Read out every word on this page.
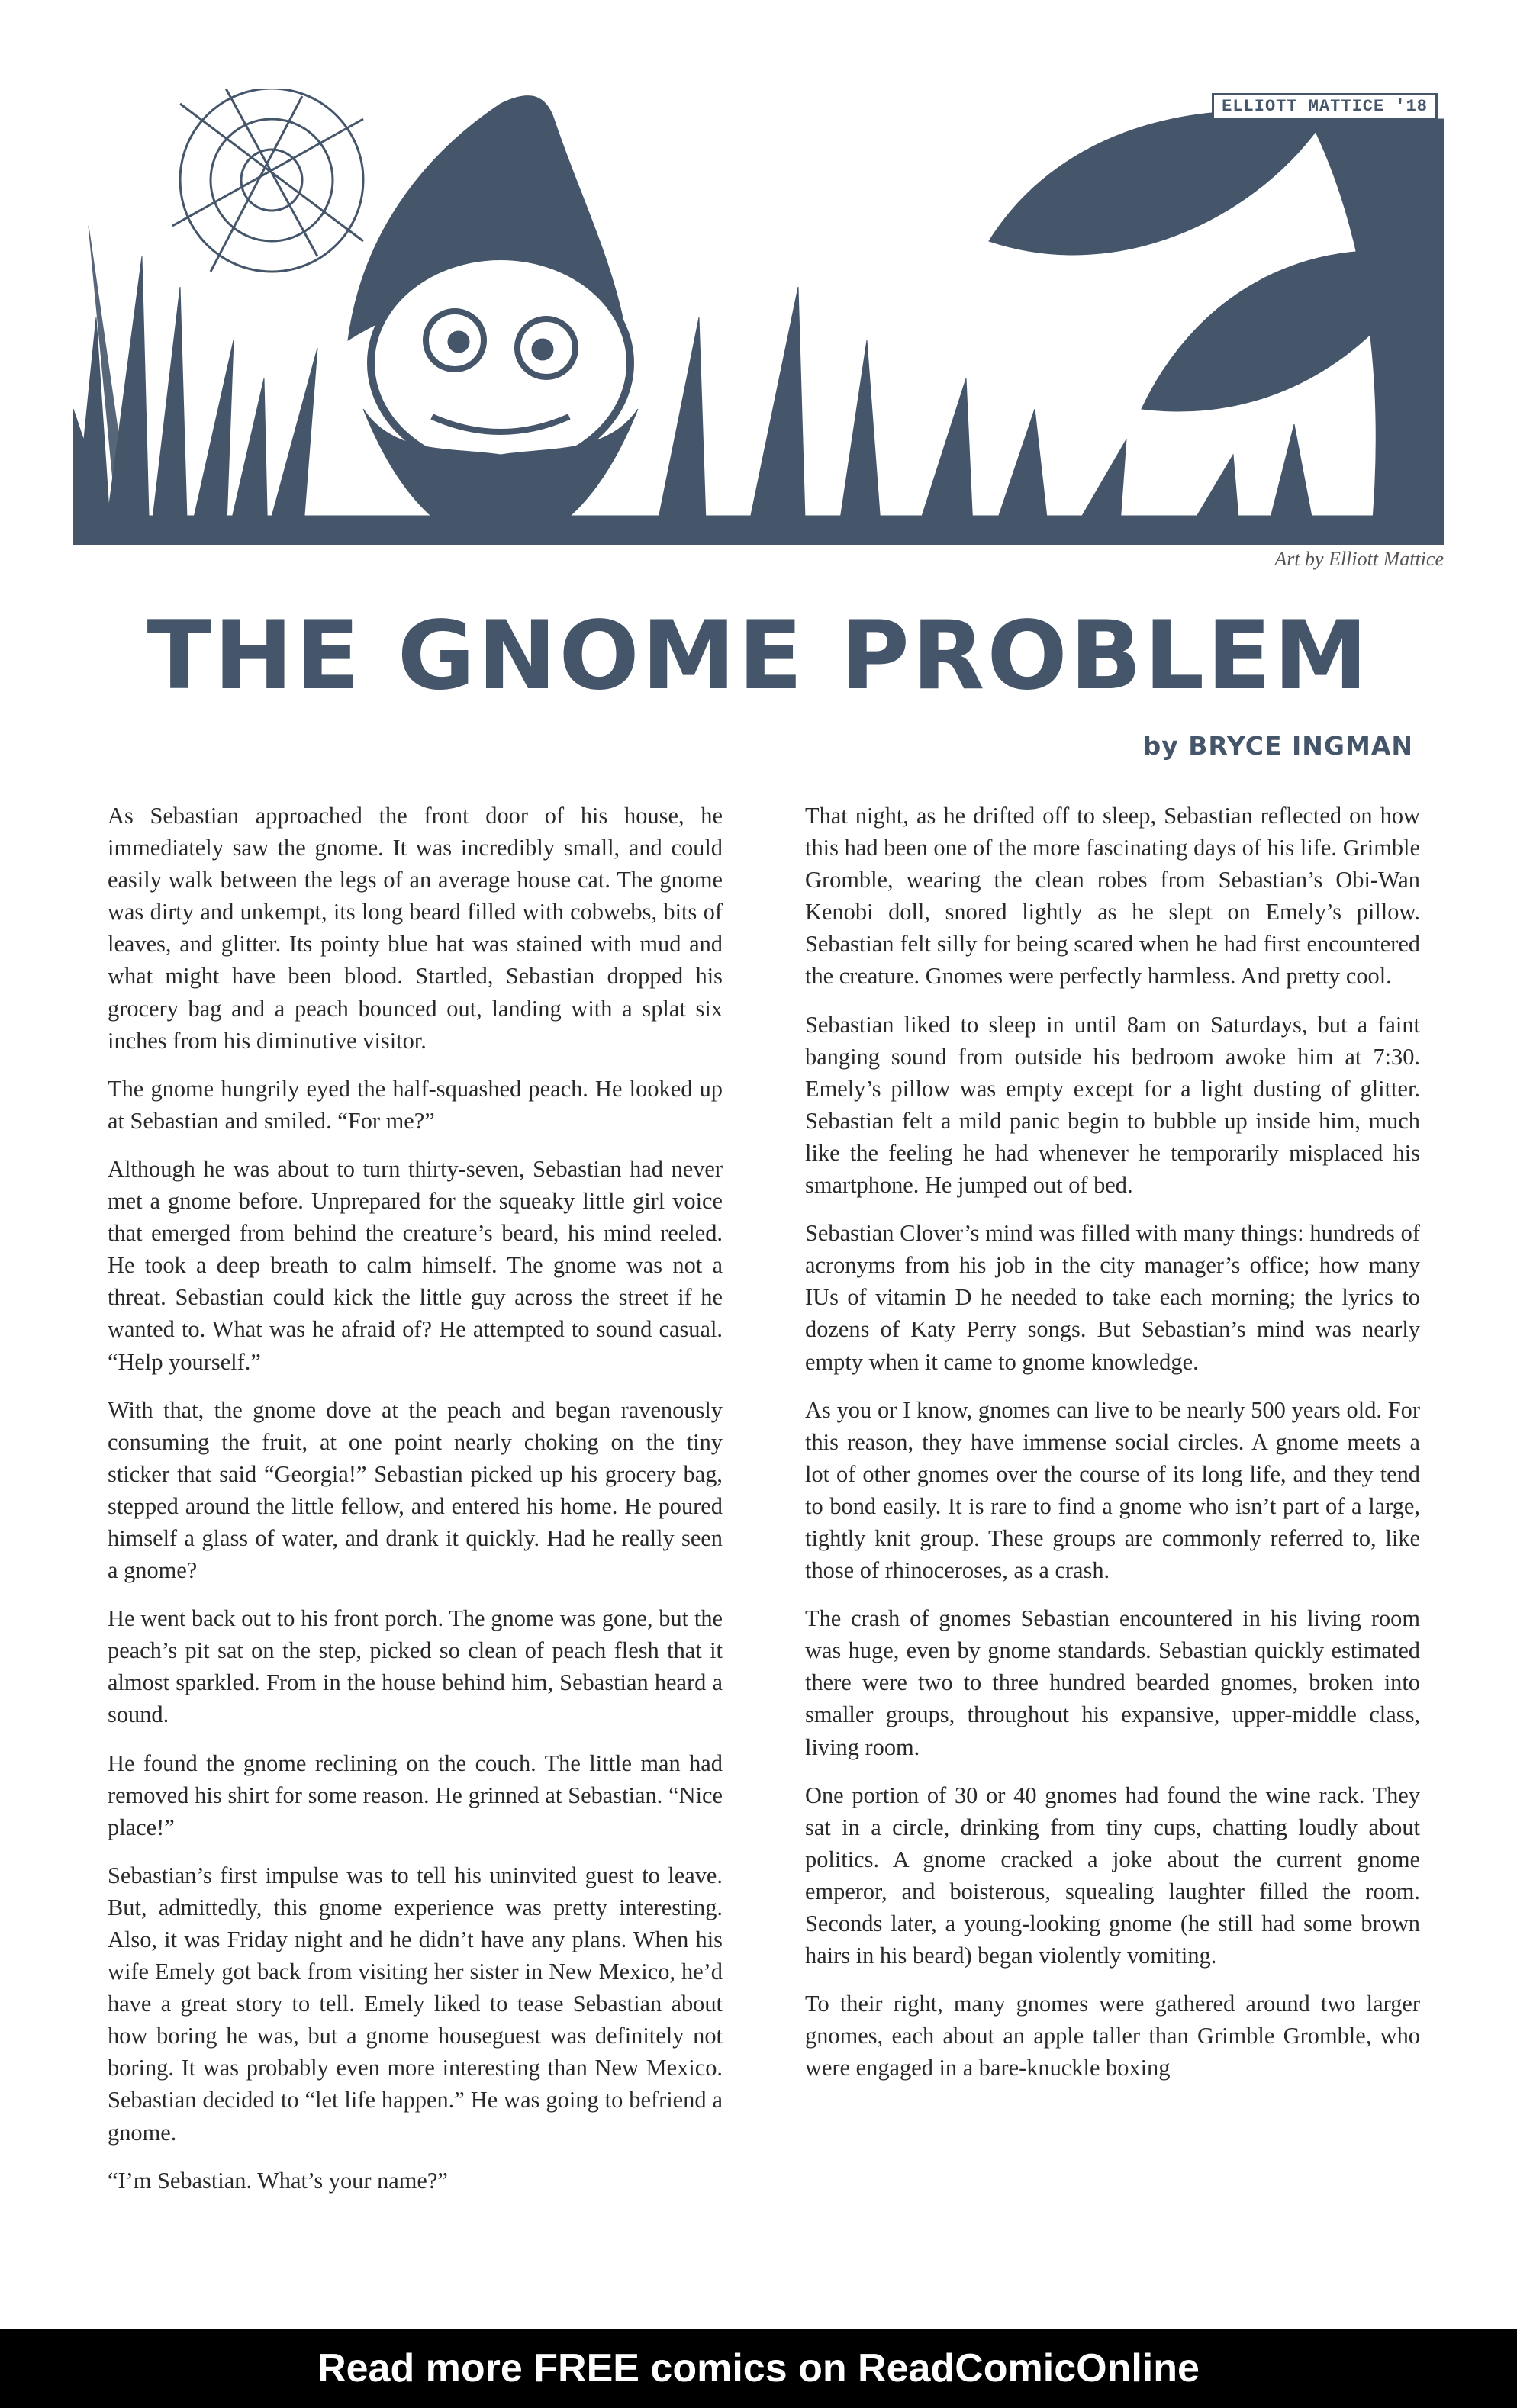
ELLIOTT MATTICE '18
Art by Elliott Mattice
THE GNOME PROBLEM
by BRYCE INGMAN

As Sebastian approached the front door of his house, he immediately saw the gnome. It was incredibly small, and could easily walk between the legs of an average house cat. The gnome was dirty and unkempt, its long beard filled with cobwebs, bits of leaves, and glitter. Its pointy blue hat was stained with mud and what might have been blood. Startled, Sebastian dropped his grocery bag and a peach bounced out, landing with a splat six inches from his diminutive visitor.

The gnome hungrily eyed the half-squashed peach. He looked up at Sebastian and smiled. “For me?”

Although he was about to turn thirty-seven, Sebastian had never met a gnome before. Unprepared for the squeaky little girl voice that emerged from behind the creature’s beard, his mind reeled. He took a deep breath to calm himself. The gnome was not a threat. Sebastian could kick the little guy across the street if he wanted to. What was he afraid of? He attempted to sound casual. “Help yourself.”

With that, the gnome dove at the peach and began ravenously consuming the fruit, at one point nearly choking on the tiny sticker that said “Georgia!” Sebastian picked up his grocery bag, stepped around the little fellow, and entered his home. He poured himself a glass of water, and drank it quickly. Had he really seen a gnome?

He went back out to his front porch. The gnome was gone, but the peach’s pit sat on the step, picked so clean of peach flesh that it almost sparkled. From in the house behind him, Sebastian heard a sound.

He found the gnome reclining on the couch. The little man had removed his shirt for some reason. He grinned at Sebastian. “Nice place!”

Sebastian’s first impulse was to tell his uninvited guest to leave. But, admittedly, this gnome experience was pretty interesting. Also, it was Friday night and he didn’t have any plans. When his wife Emely got back from visiting her sister in New Mexico, he’d have a great story to tell. Emely liked to tease Sebastian about how boring he was, but a gnome houseguest was definitely not boring. It was probably even more interesting than New Mexico. Sebastian decided to “let life happen.” He was going to befriend a gnome.

“I’m Sebastian. What’s your name?”

That night, as he drifted off to sleep, Sebastian reflected on how this had been one of the more fascinating days of his life. Grimble Gromble, wearing the clean robes from Sebastian’s Obi-Wan Kenobi doll, snored lightly as he slept on Emely’s pillow. Sebastian felt silly for being scared when he had first encountered the creature. Gnomes were perfectly harmless. And pretty cool.

Sebastian liked to sleep in until 8am on Saturdays, but a faint banging sound from outside his bedroom awoke him at 7:30. Emely’s pillow was empty except for a light dusting of glitter. Sebastian felt a mild panic begin to bubble up inside him, much like the feeling he had whenever he temporarily misplaced his smartphone. He jumped out of bed.

Sebastian Clover’s mind was filled with many things: hundreds of acronyms from his job in the city manager’s office; how many IUs of vitamin D he needed to take each morning; the lyrics to dozens of Katy Perry songs. But Sebastian’s mind was nearly empty when it came to gnome knowledge.

As you or I know, gnomes can live to be nearly 500 years old. For this reason, they have immense social circles. A gnome meets a lot of other gnomes over the course of its long life, and they tend to bond easily. It is rare to find a gnome who isn’t part of a large, tightly knit group. These groups are commonly referred to, like those of rhinoceroses, as a crash.

The crash of gnomes Sebastian encountered in his living room was huge, even by gnome standards. Sebastian quickly estimated there were two to three hundred bearded gnomes, broken into smaller groups, throughout his expansive, upper-middle class, living room.

One portion of 30 or 40 gnomes had found the wine rack. They sat in a circle, drinking from tiny cups, chatting loudly about politics. A gnome cracked a joke about the current gnome emperor, and boisterous, squealing laughter filled the room. Seconds later, a young-looking gnome (he still had some brown hairs in his beard) began violently vomiting.

To their right, many gnomes were gathered around two larger gnomes, each about an apple taller than Grimble Gromble, who were engaged in a bare-knuckle boxing

Read more FREE comics on ReadComicOnline
